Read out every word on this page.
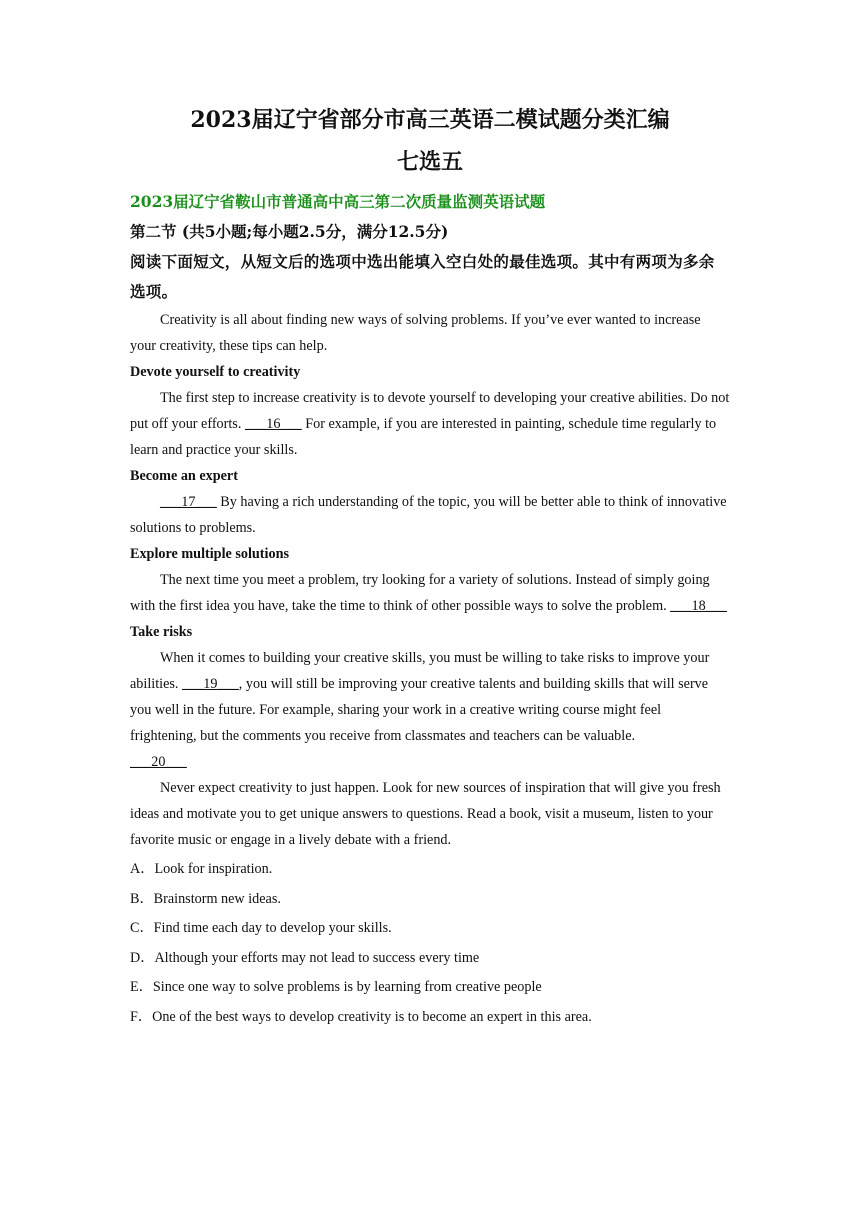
2023届辽宁省部分市高三英语二模试题分类汇编
七选五

2023届辽宁省鞍山市普通高中高三第二次质量监测英语试题

第二节 (共5小题;每小题2.5分，满分12.5分)

阅读下面短文，从短文后的选项中选出能填入空白处的最佳选项。其中有两项为多余选项。

Creativity is all about finding new ways of solving problems. If you’ve ever wanted to increase your creativity, these tips can help.

Devote yourself to creativity

The first step to increase creativity is to devote yourself to developing your creative abilities. Do not put off your efforts. ___16___ For example, if you are interested in painting, schedule time regularly to learn and practice your skills.

Become an expert

___17___ By having a rich understanding of the topic, you will be better able to think of innovative solutions to problems.

Explore multiple solutions

The next time you meet a problem, try looking for a variety of solutions. Instead of simply going with the first idea you have, take the time to think of other possible ways to solve the problem. ___18___

Take risks

When it comes to building your creative skills, you must be willing to take risks to improve your abilities. ___19___, you will still be improving your creative talents and building skills that will serve you well in the future. For example, sharing your work in a creative writing course might feel frightening, but the comments you receive from classmates and teachers can be valuable.

___20___

Never expect creativity to just happen. Look for new sources of inspiration that will give you fresh ideas and motivate you to get unique answers to questions. Read a book, visit a museum, listen to your favorite music or engage in a lively debate with a friend.

A．Look for inspiration.

B．Brainstorm new ideas.

C．Find time each day to develop your skills.

D．Although your efforts may not lead to success every time

E．Since one way to solve problems is by learning from creative people

F．One of the best ways to develop creativity is to become an expert in this area.
